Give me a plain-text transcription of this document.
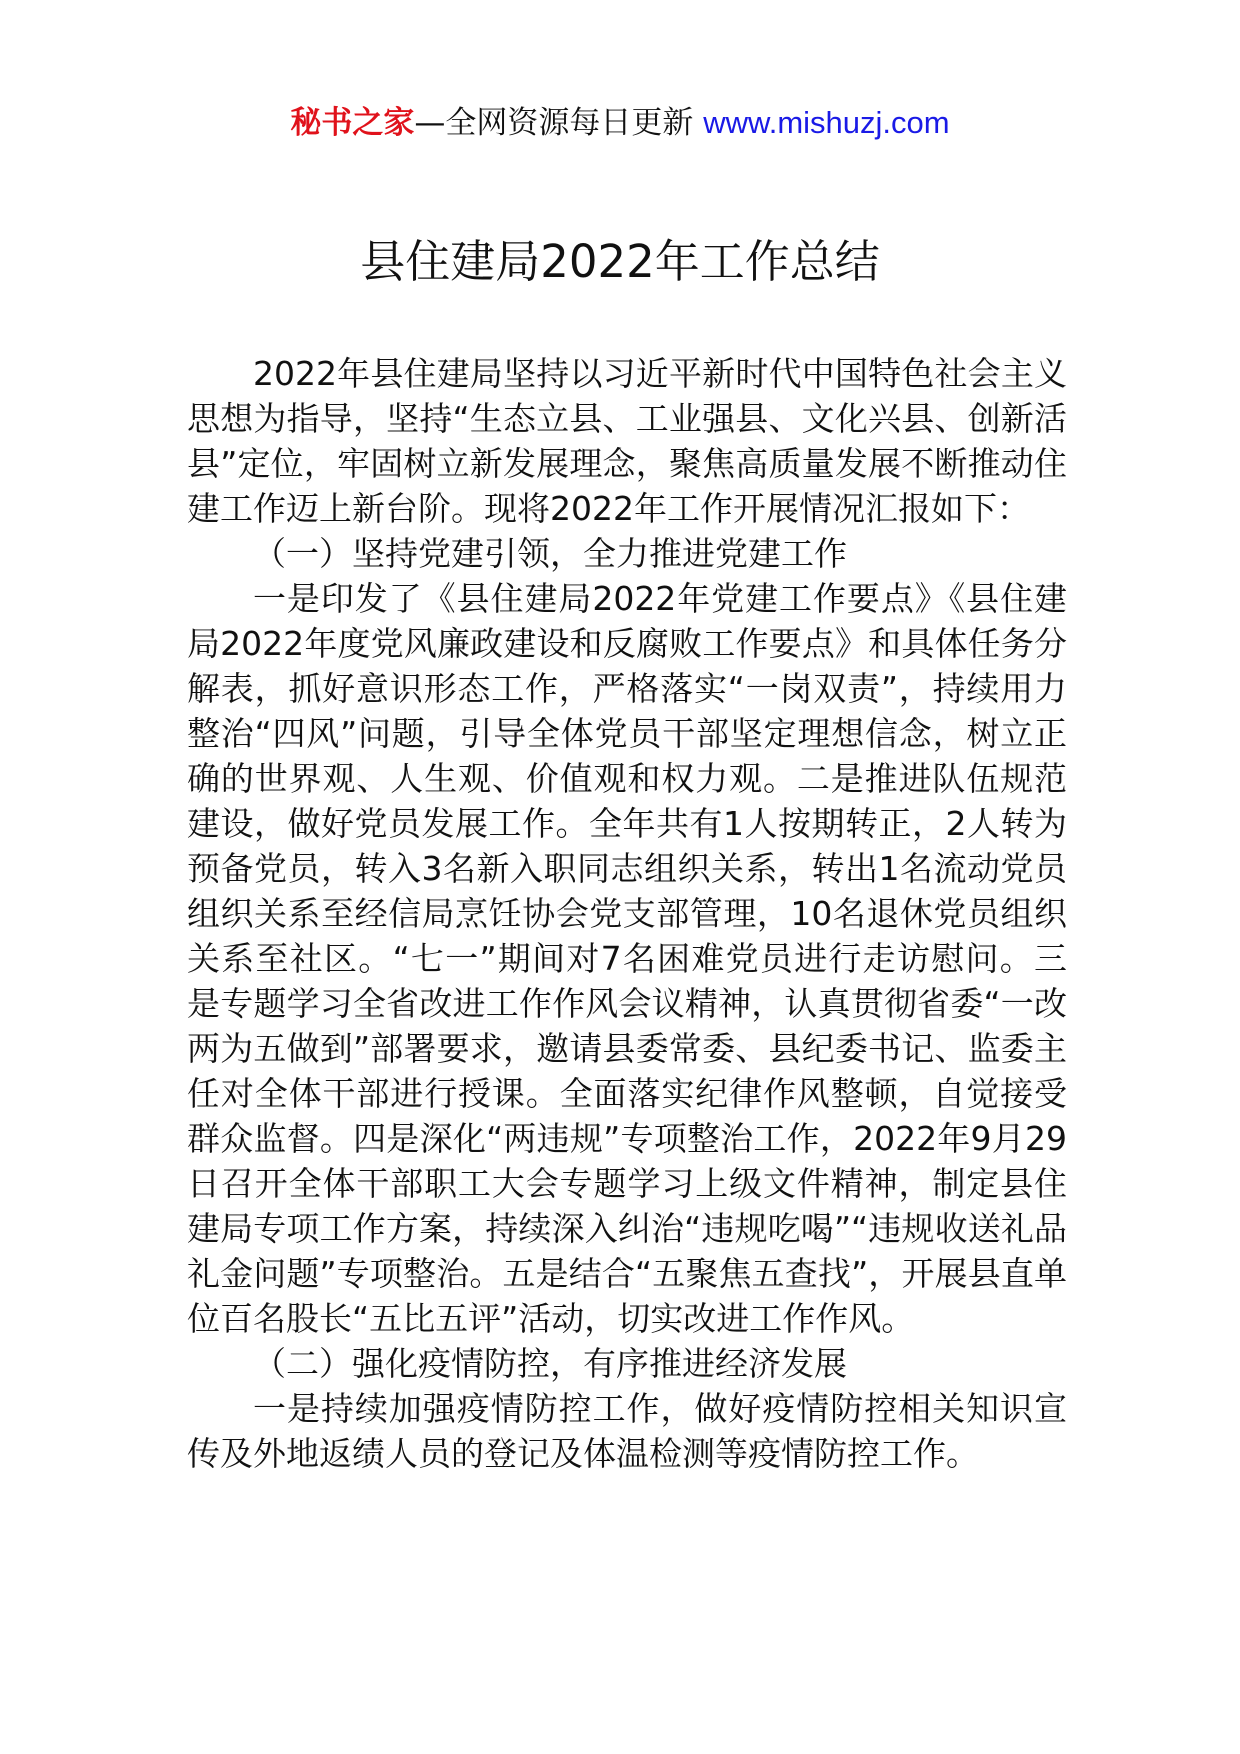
秘书之家—全网资源每日更新 www.mishuzj.com
县住建局2022年工作总结

2022年县住建局坚持以习近平新时代中国特色社会主义思想为指导，坚持“生态立县、工业强县、文化兴县、创新活县”定位，牢固树立新发展理念，聚焦高质量发展不断推动住建工作迈上新台阶。现将2022年工作开展情况汇报如下：

（一）坚持党建引领，全力推进党建工作

一是印发了《县住建局2022年党建工作要点》《县住建局2022年度党风廉政建设和反腐败工作要点》和具体任务分解表，抓好意识形态工作，严格落实“一岗双责”，持续用力整治“四风”问题，引导全体党员干部坚定理想信念，树立正确的世界观、人生观、价值观和权力观。二是推进队伍规范建设，做好党员发展工作。全年共有1人按期转正，2人转为预备党员，转入3名新入职同志组织关系，转出1名流动党员组织关系至经信局烹饪协会党支部管理，10名退休党员组织关系至社区。“七一”期间对7名困难党员进行走访慰问。三是专题学习全省改进工作作风会议精神，认真贯彻省委“一改两为五做到”部署要求，邀请县委常委、县纪委书记、监委主任对全体干部进行授课。全面落实纪律作风整顿，自觉接受群众监督。四是深化“两违规”专项整治工作，2022年9月29日召开全体干部职工大会专题学习上级文件精神，制定县住建局专项工作方案，持续深入纠治“违规吃喝”“违规收送礼品礼金问题”专项整治。五是结合“五聚焦五查找”，开展县直单位百名股长“五比五评”活动，切实改进工作作风。

（二）强化疫情防控，有序推进经济发展

一是持续加强疫情防控工作，做好疫情防控相关知识宣传及外地返绩人员的登记及体温检测等疫情防控工作。
